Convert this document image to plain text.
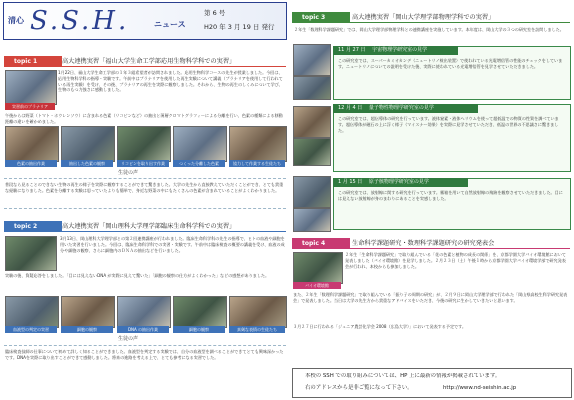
清心 S.S.H.	ニュース
第 6 号
H20 年 3 月 19 日 発行
topic 1	高大連携実習「福山大学生命工学部応用生物科学科での実習」
実習前のプラナリア
1月22日、福山大学生命工学部の１年３組希望者が訪問されました。応用生物科学コースの先生が授業しました。今回は、応用生物科学科の指導・実験です。午前中はプラナリアを使用した再生実験について講義（プラナリアを使用して行われている再生実験）を受け、その後、プラナリアの再生を実際に観察しました。それから、生物の再生のしくみについて学び、生物のもつ力強さに感動しました。
午後からは野菜（トマト・ホウレンソウ）に含まれる色素（リコピンなど）の抽出と薄層クロマトグラフィーによる分離を行い、色素の種類による移動距離の違いを確かめました。
色素の抽出作業	抽出した色素の観察	リコピンを取り出す作業	つくった分離した色素	協力して作業する生徒たち
生徒の声
普段なら見ることのできない生物の再生の様子を実際に観察することができて驚きました。大学の先生から直接教えていただくことができ、とても貴重な経験になりました。色素を分離する実験は思っていたよりも簡単で、身近な野菜の中にもたくさんの色素が含まれていることがよくわかりました。
topic 2	高大連携実習「岡山理科大学理学部臨床生命科学科での実習」
3月13日、岡山理科大学理学部との第２回連携講座が行われました。臨床生命科学科の先生の指導で、ヒトの血液や細胞を用いた実習を行いました。今回は、臨床生命科学科での実習・実験です。午前中は臨床検査の概要の講義を受け、血液の成分や細胞の観察、さらに細胞内のＤＮＡの抽出などを行いました。
実験の後、質疑応答をしました。「目には見えないDNA が実際に見えて驚いた」「細胞の観察の仕方がよくわかった」などの感想がありました。
血液型の判定の実習	細胞の観察	DNA の抽出作業	細胞の観察	真剣な表情の生徒たち
生徒の声
臨床検査技師の仕事について初めて詳しく知ることができました。血液型を判定する実験では、自分の血液型を調べることができてとても興味深かったです。DNAを実際に取り出すことができて感動しました。将来の進路を考える上で、とても参考になる実習でした。
topic 3	高大連携実習「岡山大学理学部物理学科での実習」
２年生「数理科学課題研究」では、岡山大学理学部物理学科との連携講座を実施しています。本年度は、岡山大学の３つの研究室を訪問しました。
11 月 27 日 宇宙物理学研究室の見学
この研究室では、スーパーカミオカンデ（ニュートリノ検出装置）で使われている光電増倍管の性能のチェックをしています。ニュートリノについての説明を受けた後、実際に使われている光電増倍管を見学させていただきました。
12 月 4 日 量子物性物理学研究室の見学
この研究室では、超伝導体の研究を行っています。液体窒素・液体ヘリウムを使って超低温での物質の性質を調べています。超伝導体が磁石の上に浮く様子（マイスナー効果）を実際に見学させていただき、低温の世界の不思議さに驚きました。
1 月 15 日 原子核物理学研究室の見学
この研究室では、放射線に関する研究を行っています。霧箱を用いて自然放射線の飛跡を観察させていただきました。目には見えない放射線が身のまわりにあることを実感しました。
topic 4	生命科学課題研究・数理科学課題研究の研究発表会
バイオ環境館
２年生「生命科学課題研究」で取り組んでいる「花の色素と植物の成長の関係」を、京都学園大学バイオ環境館において発表しました（バイオ環境館）を見学しました。２月２３日（土）午後１時から京都学園大学バイオ環境学部で研究発表会が行われ、本校からも参加しました。
また、２年生「数理科学課題研究」で取り組んでいる「振り子の周期の研究」が、２月９日に岡山大学理学部で行われた「岡山県高校生科学研究発表会」で発表しました。当日は大学の先生方から貴重なアドバイスをいただき、今後の研究に生かしていきたいと思います。
３月２７日に行われる「ジュニア農芸化学会 2008（広島大学）」において発表する予定です。
本校の SSH での取り組みについては、HP 上に最新の情報が掲載されています。
右のアドレスから是非ご覧になって下さい。	http://www.nd-seishin.ac.jp
